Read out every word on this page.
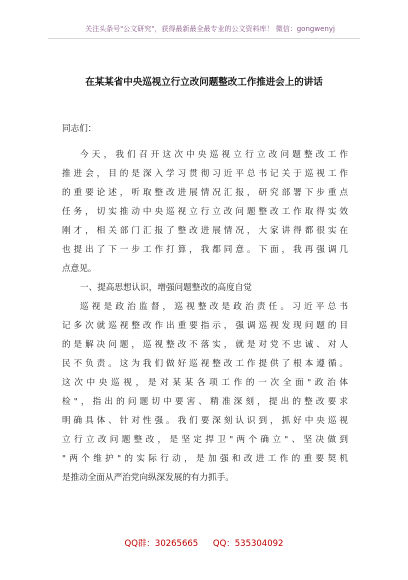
关注头条号"公文研究"，获得最新最全最专业的公文资料库！ 微信：gongwenyj
在某某省中央巡视立行立改问题整改工作推进会上的讲话
同志们：
今天，我们召开这次中央巡视立行立改问题整改工作
推进会，目的是深入学习贯彻习近平总书记关于巡视工作
的重要论述，听取整改进展情况汇报，研究部署下步重点
任务，切实推动中央巡视立行立改问题整改工作取得实效
刚才，相关部门汇报了整改进展情况，大家讲得都很实在
也提出了下一步工作打算，我都同意。下面，我再强调几
点意见。
一、提高思想认识，增强问题整改的高度自觉
巡视是政治监督，巡视整改是政治责任。习近平总书
记多次就巡视整改作出重要指示，强调巡视发现问题的目
的是解决问题，巡视整改不落实，就是对党不忠诚、对人
民不负责。这为我们做好巡视整改工作提供了根本遵循。
这次中央巡视，是对某某各项工作的一次全面"政治体
检"，指出的问题切中要害、精准深刻，提出的整改要求
明确具体、针对性强。我们要深刻认识到，抓好中央巡视
立行立改问题整改，是坚定捍卫"两个确立"、坚决做到
"两个维护"的实际行动，是加强和改进工作的重要契机
是推动全面从严治党向纵深发展的有力抓手。
QQ群：30265665 QQ：535304092
